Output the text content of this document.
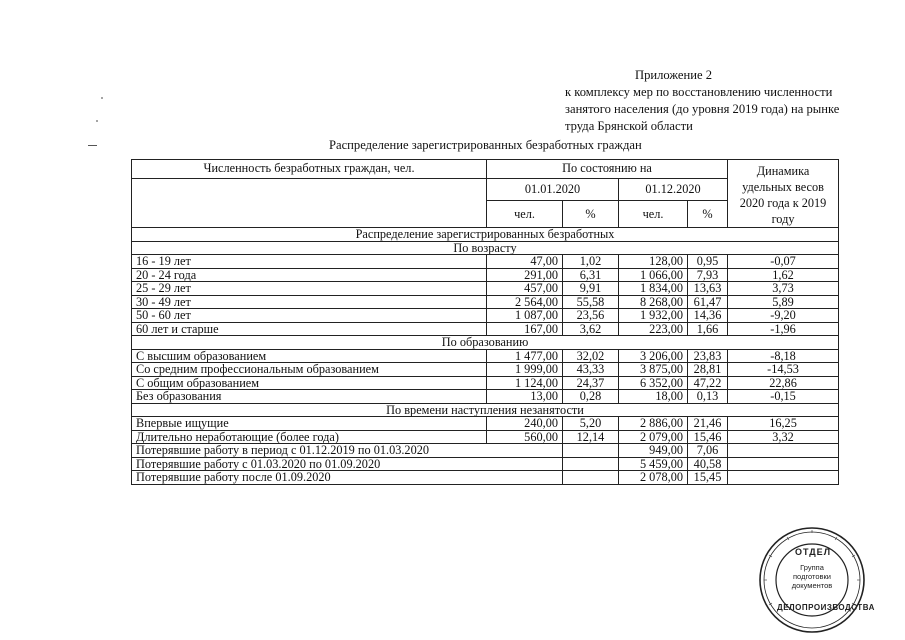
Приложение 2
к комплексу мер по восстановлению численности
занятого населения (до уровня 2019 года) на рынке
труда Брянской области
Распределение зарегистрированных безработных граждан
Численность безработных граждан, чел.	По состоянию на				Динамика удельных весов 2020 года к 2019 году
	01.01.2020		01.12.2020		
	чел.	%	чел.	%	
Распределение зарегистрированных безработных					
По возрасту					
16 - 19 лет	47,00	1,02	128,00	0,95	-0,07
20 - 24 года	291,00	6,31	1 066,00	7,93	1,62
25 - 29 лет	457,00	9,91	1 834,00	13,63	3,73
30 - 49 лет	2 564,00	55,58	8 268,00	61,47	5,89
50 - 60 лет	1 087,00	23,56	1 932,00	14,36	-9,20
60 лет и старше	167,00	3,62	223,00	1,66	-1,96
По образованию					
С высшим образованием	1 477,00	32,02	3 206,00	23,83	-8,18
Со средним профессиональным образованием	1 999,00	43,33	3 875,00	28,81	-14,53
С общим образованием	1 124,00	24,37	6 352,00	47,22	22,86
Без образования	13,00	0,28	18,00	0,13	-0,15
По времени наступления незанятости					
Впервые ищущие	240,00	5,20	2 886,00	21,46	16,25
Длительно неработающие (более года)	560,00	12,14	2 079,00	15,46	3,32
Потерявшие работу в период с 01.12.2019 по 01.03.2020			949,00	7,06	
Потерявшие работу с 01.03.2020 по 01.09.2020			5 459,00	40,58	
Потерявшие работу после 01.09.2020			2 078,00	15,45	
ОТДЕЛ
Группа подготовки документов
ДЕЛОПРОИЗВОДСТВА
